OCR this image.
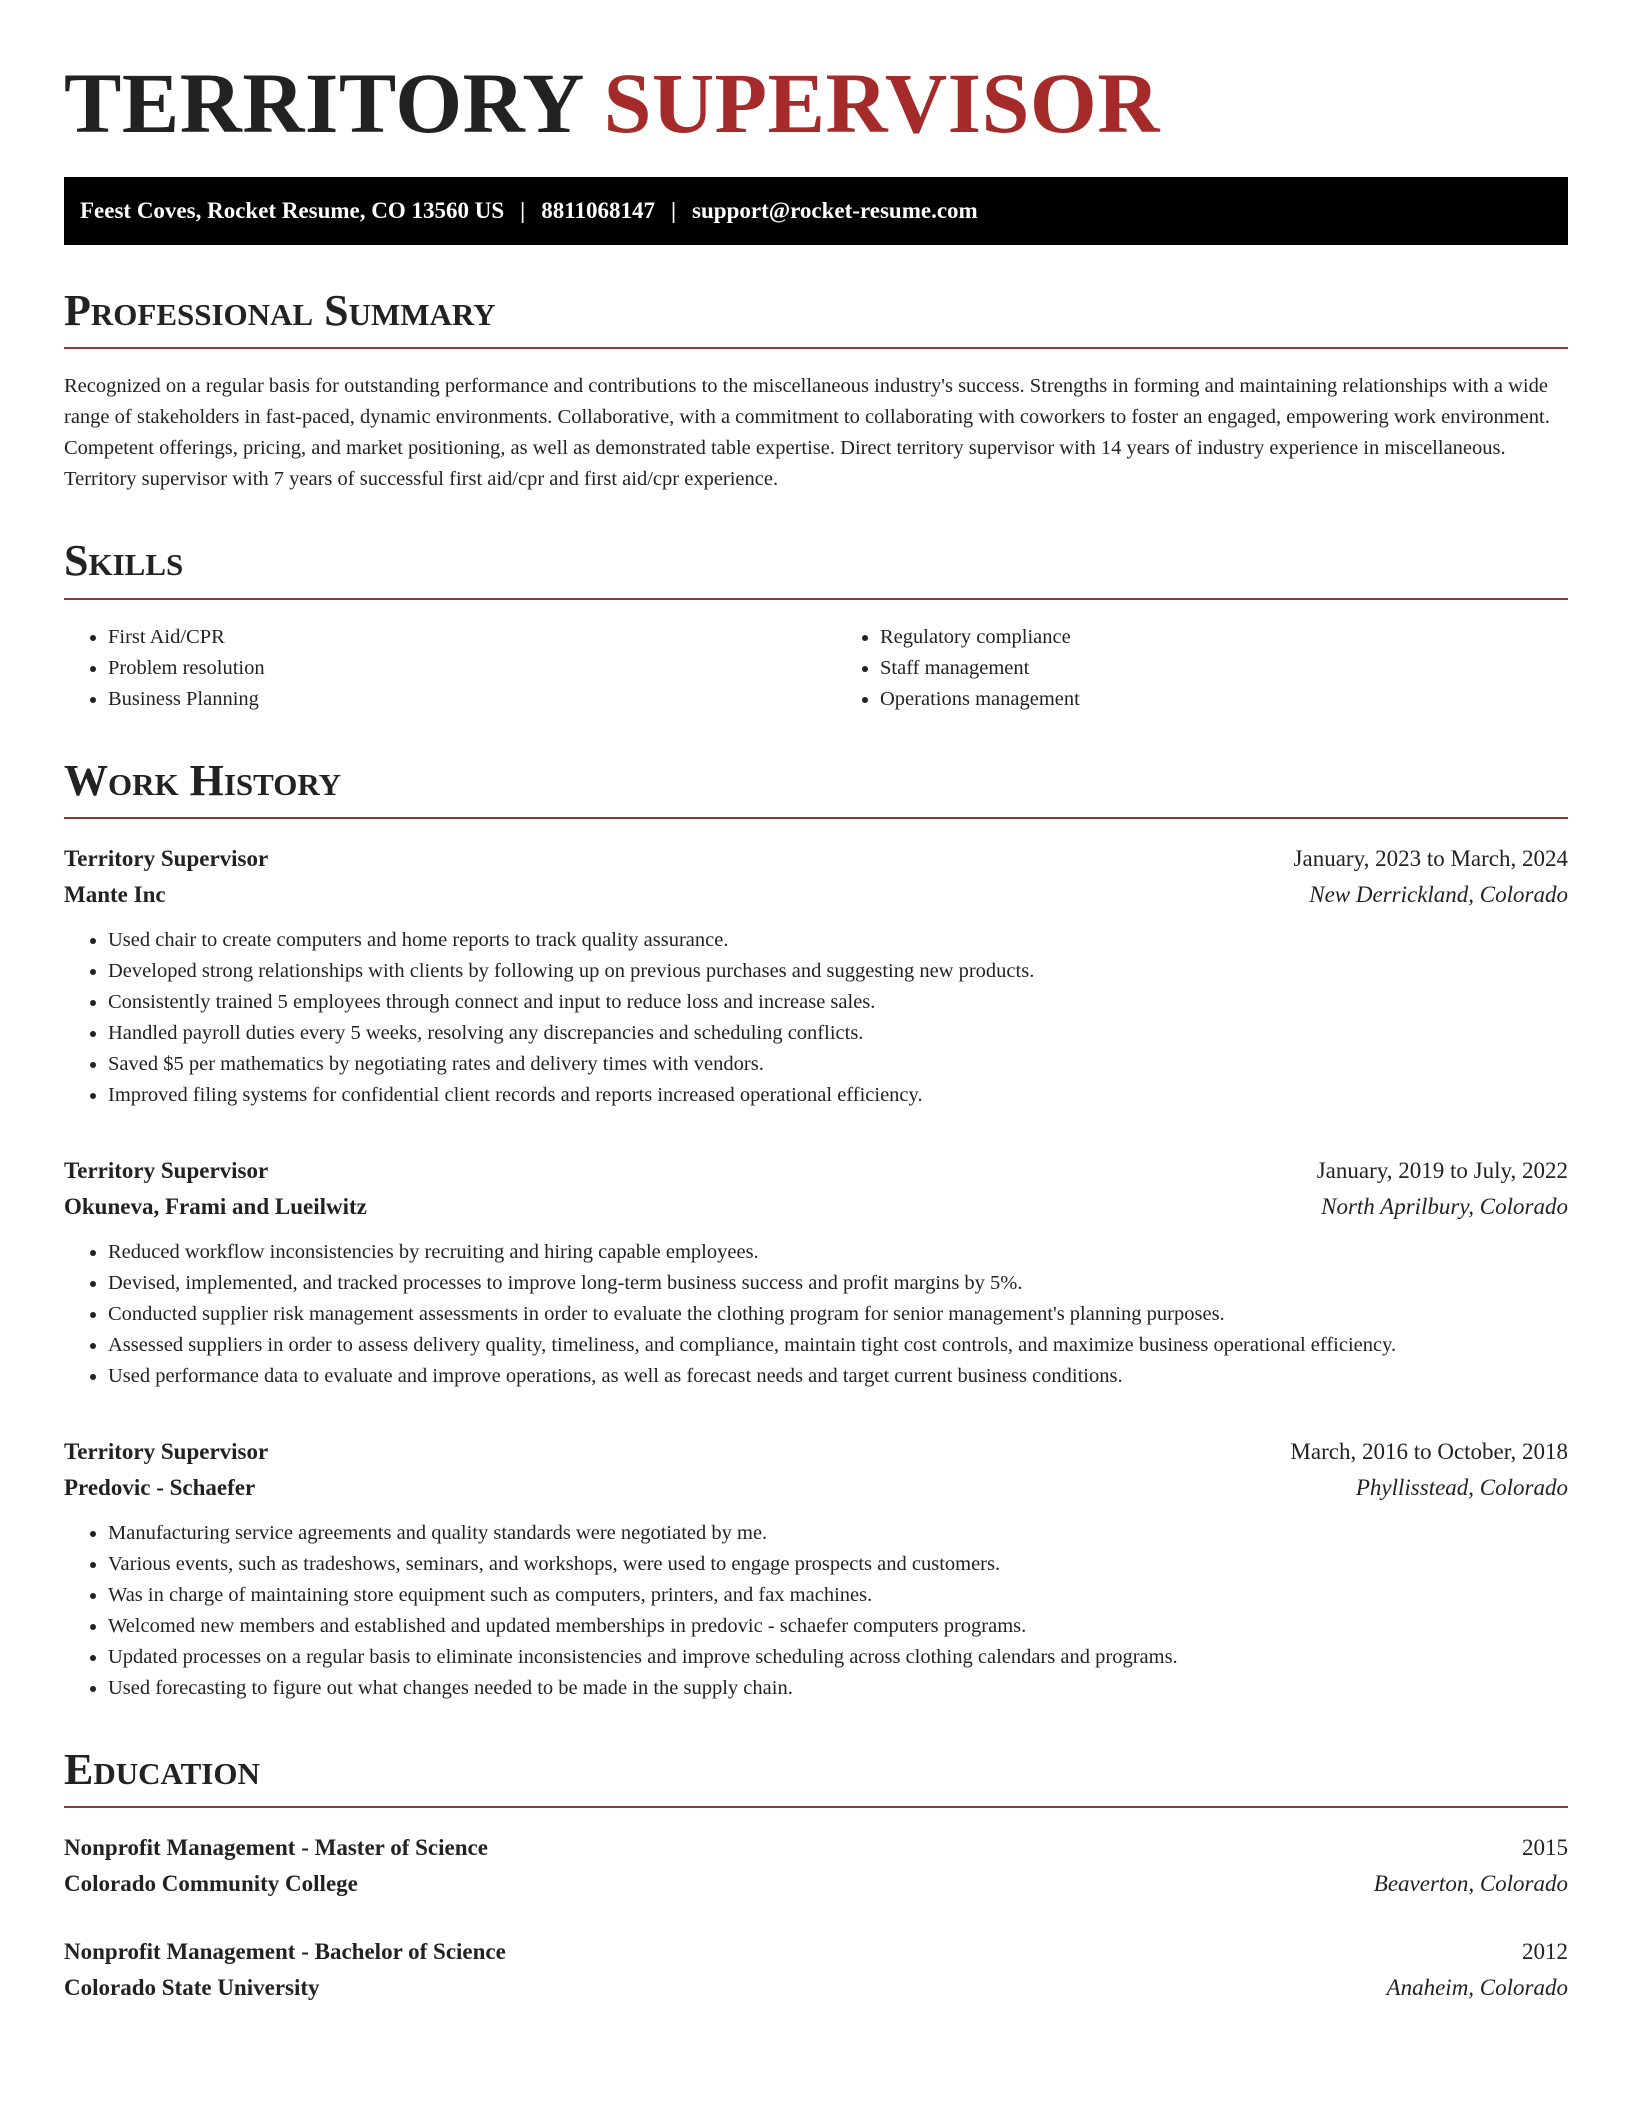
TERRITORY SUPERVISOR
Feest Coves, Rocket Resume, CO 13560 US | 8811068147 | support@rocket-resume.com
Professional Summary

Recognized on a regular basis for outstanding performance and contributions to the miscellaneous industry's success. Strengths in forming and maintaining relationships with a wide range of stakeholders in fast-paced, dynamic environments. Collaborative, with a commitment to collaborating with coworkers to foster an engaged, empowering work environment. Competent offerings, pricing, and market positioning, as well as demonstrated table expertise. Direct territory supervisor with 14 years of industry experience in miscellaneous. Territory supervisor with 7 years of successful first aid/cpr and first aid/cpr experience.

Skills
• First Aid/CPR
• Problem resolution
• Business Planning
• Regulatory compliance
• Staff management
• Operations management
Work History
Territory Supervisor	January, 2023 to March, 2024
Mante Inc	New Derrickland, Colorado
• Used chair to create computers and home reports to track quality assurance.
• Developed strong relationships with clients by following up on previous purchases and suggesting new products.
• Consistently trained 5 employees through connect and input to reduce loss and increase sales.
• Handled payroll duties every 5 weeks, resolving any discrepancies and scheduling conflicts.
• Saved $5 per mathematics by negotiating rates and delivery times with vendors.
• Improved filing systems for confidential client records and reports increased operational efficiency.
Territory Supervisor	January, 2019 to July, 2022
Okuneva, Frami and Lueilwitz	North Aprilbury, Colorado
• Reduced workflow inconsistencies by recruiting and hiring capable employees.
• Devised, implemented, and tracked processes to improve long-term business success and profit margins by 5%.
• Conducted supplier risk management assessments in order to evaluate the clothing program for senior management's planning purposes.
• Assessed suppliers in order to assess delivery quality, timeliness, and compliance, maintain tight cost controls, and maximize business operational efficiency.
• Used performance data to evaluate and improve operations, as well as forecast needs and target current business conditions.
Territory Supervisor	March, 2016 to October, 2018
Predovic - Schaefer	Phyllisstead, Colorado
• Manufacturing service agreements and quality standards were negotiated by me.
• Various events, such as tradeshows, seminars, and workshops, were used to engage prospects and customers.
• Was in charge of maintaining store equipment such as computers, printers, and fax machines.
• Welcomed new members and established and updated memberships in predovic - schaefer computers programs.
• Updated processes on a regular basis to eliminate inconsistencies and improve scheduling across clothing calendars and programs.
• Used forecasting to figure out what changes needed to be made in the supply chain.
Education
Nonprofit Management - Master of Science	2015
Colorado Community College	Beaverton, Colorado
Nonprofit Management - Bachelor of Science	2012
Colorado State University	Anaheim, Colorado
